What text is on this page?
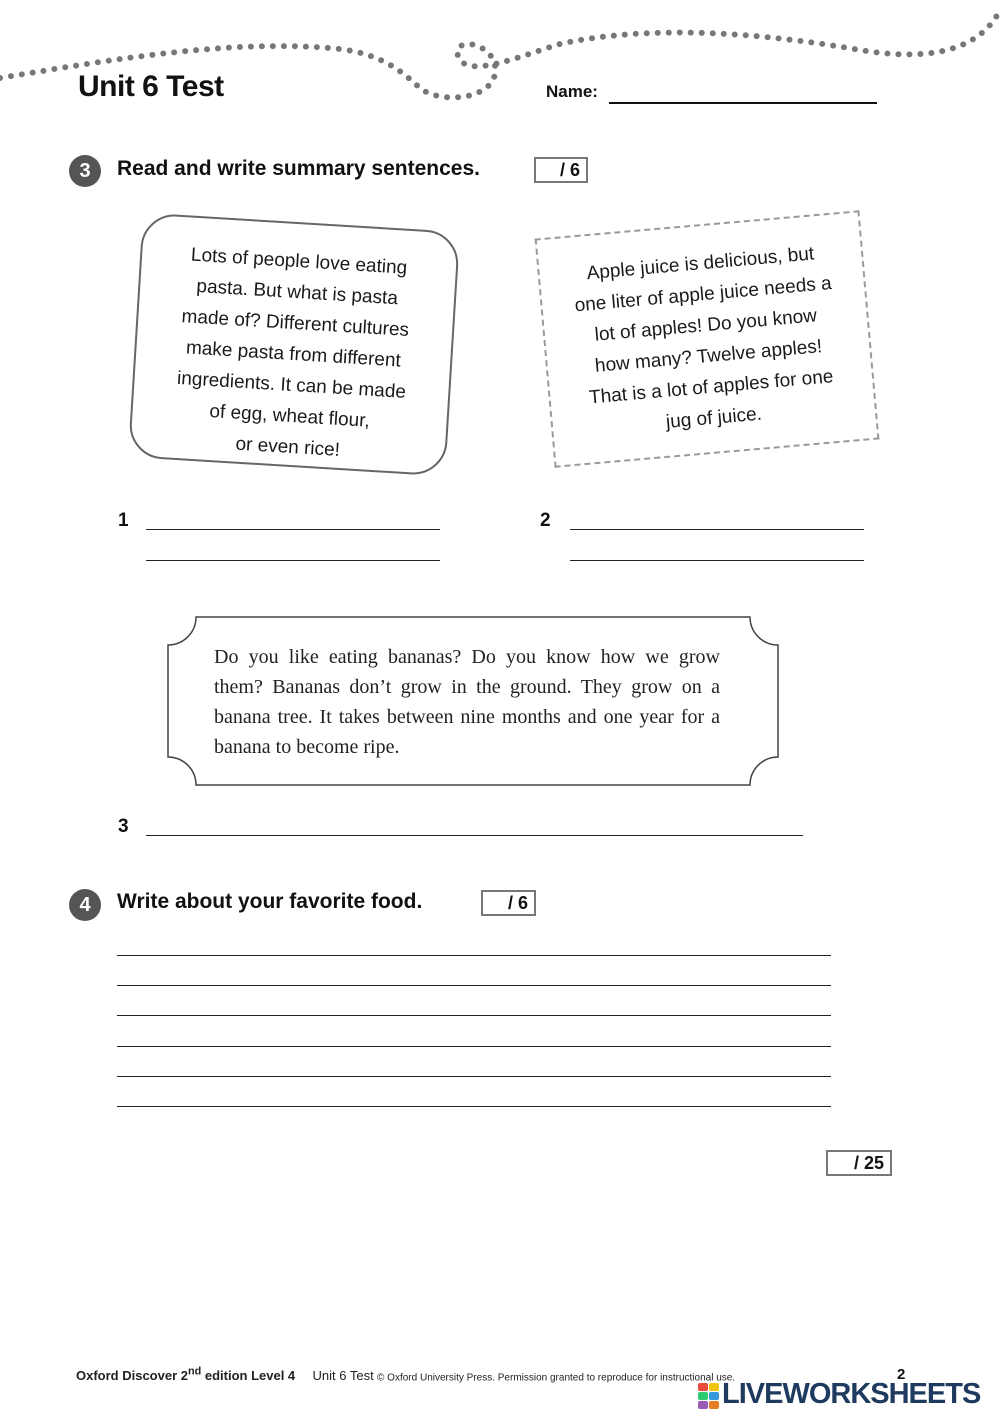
Unit 6 Test	Name:
3	Read and write summary sentences.	/ 6
Lots of people love eating
pasta. But what is pasta
made of? Different cultures
make pasta from different
ingredients. It can be made
of egg, wheat flour,
or even rice!
Apple juice is delicious, but
one liter of apple juice needs a
lot of apples! Do you know
how many? Twelve apples!
That is a lot of apples for one
jug of juice.
1	2
Do you like eating bananas? Do you know how we grow them? Bananas don’t grow in the ground. They grow on a banana tree. It takes between nine months and one year for a banana to become ripe.
3
4	Write about your favorite food.	/ 6
/ 25
Oxford Discover 2nd edition Level 4 Unit 6 Test © Oxford University Press. Permission granted to reproduce for instructional use.	2
LIVEWORKSHEETS
